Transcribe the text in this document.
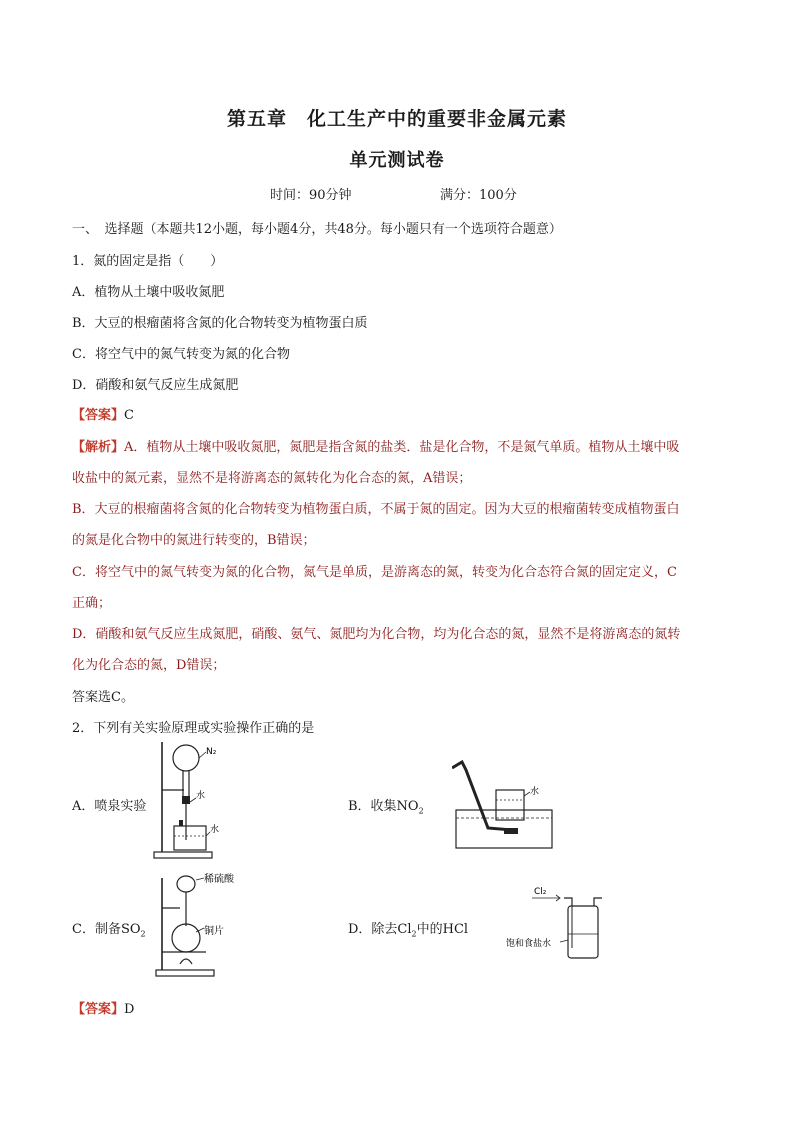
第五章　化工生产中的重要非金属元素
单元测试卷
时间：90分钟	满分：100分
一、　选择题（本题共12小题，每小题4分，共48分。每小题只有一个选项符合题意）
1．氮的固定是指（　　）
A．植物从土壤中吸收氮肥
B．大豆的根瘤菌将含氮的化合物转变为植物蛋白质
C．将空气中的氮气转变为氮的化合物
D．硝酸和氨气反应生成氮肥
【答案】C
【解析】A．植物从土壤中吸收氮肥，氮肥是指含氮的盐类．盐是化合物，不是氮气单质。植物从土壤中吸
收盐中的氮元素，显然不是将游离态的氮转化为化合态的氮，A错误；
B．大豆的根瘤菌将含氮的化合物转变为植物蛋白质，不属于氮的固定。因为大豆的根瘤菌转变成植物蛋白
的氮是化合物中的氮进行转变的，B错误；
C．将空气中的氮气转变为氮的化合物，氮气是单质，是游离态的氮，转变为化合态符合氮的固定定义，C
正确；
D．硝酸和氨气反应生成氮肥，硝酸、氨气、氮肥均为化合物，均为化合态的氮，显然不是将游离态的氮转
化为化合态的氮，D错误；
答案选C。
2．下列有关实验原理或实验操作正确的是
N₂
水
水
A．喷泉实验
水
B．收集$NO_2$
稀硫酸
铜片
C．制备$SO_2$
Cl₂
饱和食盐水
D．除去$Cl_2$中的HCl
【答案】D
